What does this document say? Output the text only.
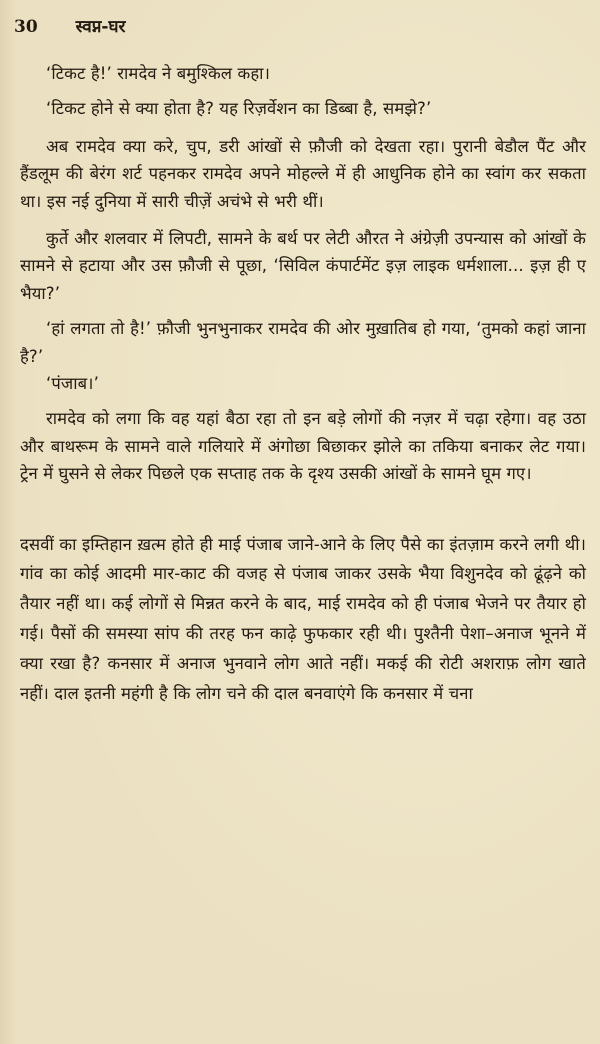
30 स्वप्न-घर

‘टिकट है!’ रामदेव ने बमुश्किल कहा।

‘टिकट होने से क्या होता है? यह रिज़र्वेशन का डिब्बा है, समझे?’

अब रामदेव क्या करे, चुप, डरी आंखों से फ़ौजी को देखता रहा। पुरानी बेडौल पैंट और हैंडलूम की बेरंग शर्ट पहनकर रामदेव अपने मोहल्ले में ही आधुनिक होने का स्वांग कर सकता था। इस नई दुनिया में सारी चीज़ें अचंभे से भरी थीं।

कुर्ते और शलवार में लिपटी, सामने के बर्थ पर लेटी औरत ने अंग्रेज़ी उपन्यास को आंखों के सामने से हटाया और उस फ़ौजी से पूछा, ‘सिविल कंपार्टमेंट इज़ लाइक धर्मशाला... इज़ ही ए भैया?’

‘हां लगता तो है!’ फ़ौजी भुनभुनाकर रामदेव की ओर मुख़ातिब हो गया, ‘तुमको कहां जाना है?’

‘पंजाब।’

रामदेव को लगा कि वह यहां बैठा रहा तो इन बड़े लोगों की नज़र में चढ़ा रहेगा। वह उठा और बाथरूम के सामने वाले गलियारे में अंगोछा बिछाकर झोले का तकिया बनाकर लेट गया। ट्रेन में घुसने से लेकर पिछले एक सप्ताह तक के दृश्य उसकी आंखों के सामने घूम गए।

दसवीं का इम्तिहान ख़त्म होते ही माई पंजाब जाने-आने के लिए पैसे का इंतज़ाम करने लगी थी। गांव का कोई आदमी मार-काट की वजह से पंजाब जाकर उसके भैया विशुनदेव को ढूंढ़ने को तैयार नहीं था। कई लोगों से मिन्नत करने के बाद, माई रामदेव को ही पंजाब भेजने पर तैयार हो गई। पैसों की समस्या सांप की तरह फन काढ़े फुफकार रही थी। पुश्तैनी पेशा–अनाज भूनने में क्या रखा है? कनसार में अनाज भुनवाने लोग आते नहीं। मकई की रोटी अशराफ़ लोग खाते नहीं। दाल इतनी महंगी है कि लोग चने की दाल बनवाएंगे कि कनसार में चना
